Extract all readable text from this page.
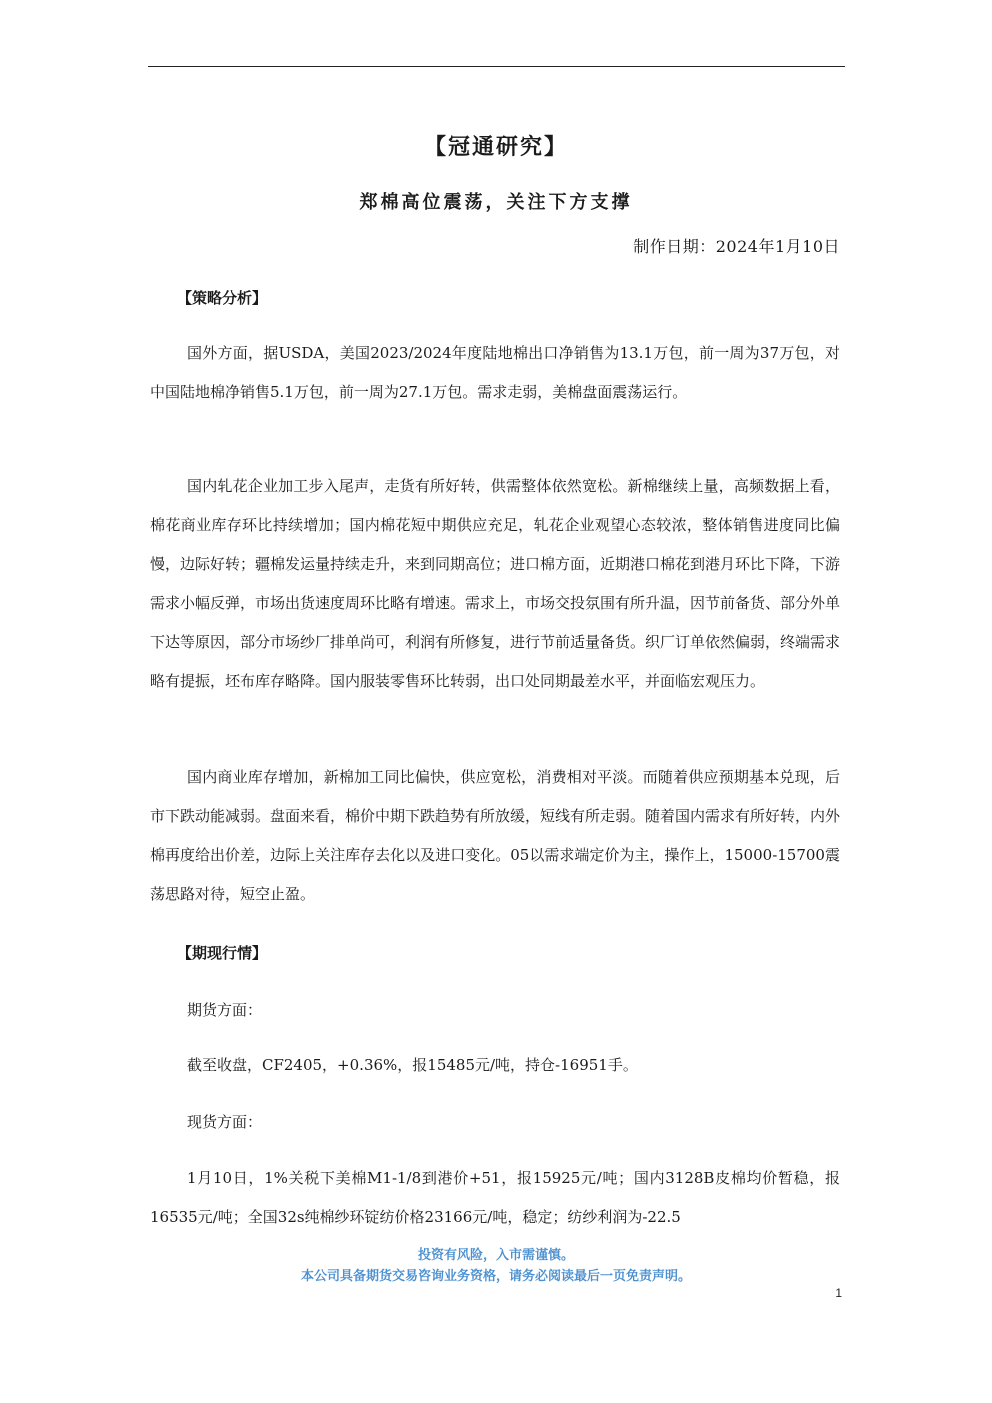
【冠通研究】
郑棉高位震荡，关注下方支撑
制作日期：2024年1月10日
【策略分析】

国外方面，据USDA，美国2023/2024年度陆地棉出口净销售为13.1万包，前一周为37万包，对中国陆地棉净销售5.1万包，前一周为27.1万包。需求走弱，美棉盘面震荡运行。

国内轧花企业加工步入尾声，走货有所好转，供需整体依然宽松。新棉继续上量，高频数据上看，棉花商业库存环比持续增加；国内棉花短中期供应充足，轧花企业观望心态较浓，整体销售进度同比偏慢，边际好转；疆棉发运量持续走升，来到同期高位；进口棉方面，近期港口棉花到港月环比下降，下游需求小幅反弹，市场出货速度周环比略有增速。需求上，市场交投氛围有所升温，因节前备货、部分外单下达等原因，部分市场纱厂排单尚可，利润有所修复，进行节前适量备货。织厂订单依然偏弱，终端需求略有提振，坯布库存略降。国内服装零售环比转弱，出口处同期最差水平，并面临宏观压力。

国内商业库存增加，新棉加工同比偏快，供应宽松，消费相对平淡。而随着供应预期基本兑现，后市下跌动能减弱。盘面来看，棉价中期下跌趋势有所放缓，短线有所走弱。随着国内需求有所好转，内外棉再度给出价差，边际上关注库存去化以及进口变化。05以需求端定价为主，操作上，15000-15700震荡思路对待，短空止盈。

【期现行情】

期货方面：

截至收盘，CF2405，+0.36%，报15485元/吨，持仓-16951手。

现货方面：

1月10日，1%关税下美棉M1-1/8到港价+51，报15925元/吨；国内3128B皮棉均价暂稳，报16535元/吨；全国32s纯棉纱环锭纺价格23166元/吨，稳定；纺纱利润为-22.5

投资有风险，入市需谨慎。

本公司具备期货交易咨询业务资格，请务必阅读最后一页免责声明。

1
